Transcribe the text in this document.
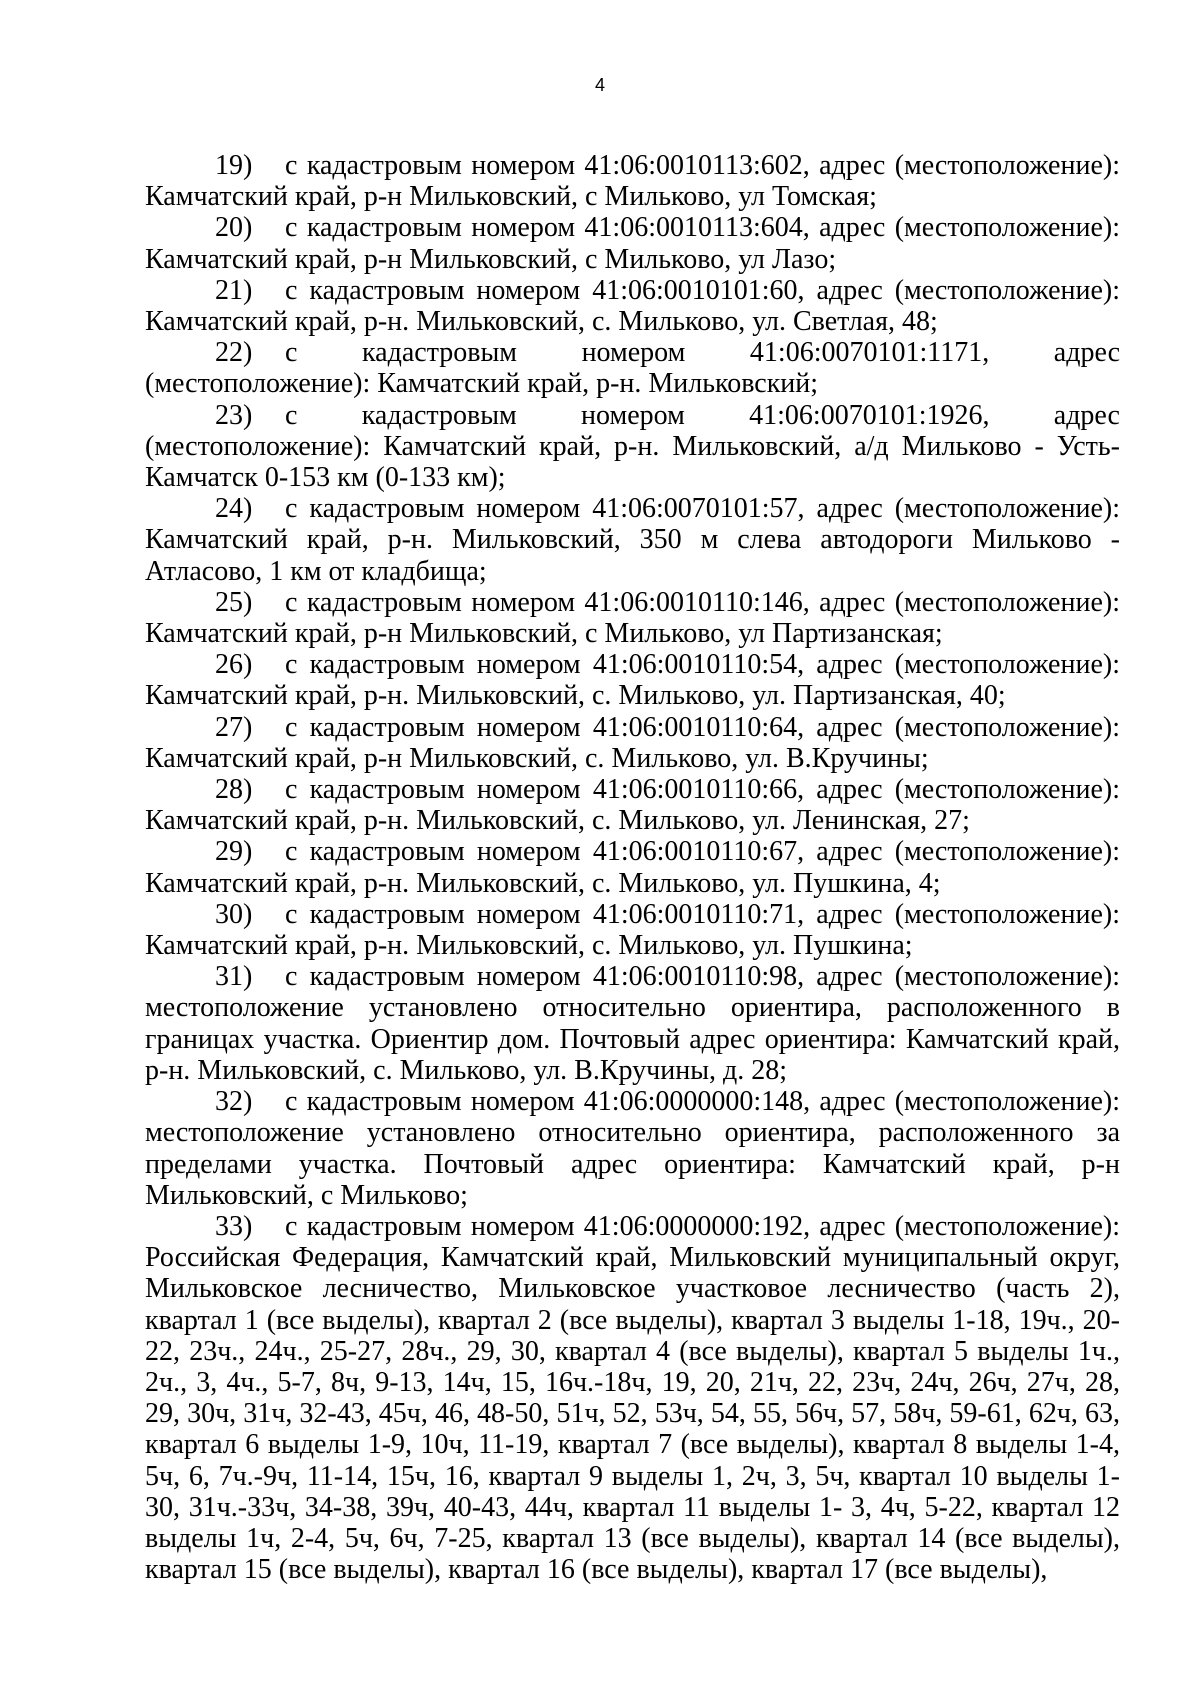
4

19) с кадастровым номером 41:06:0010113:602, адрес (местоположение): Камчатский край, р-н Мильковский, с Мильково, ул Томская;

20) с кадастровым номером 41:06:0010113:604, адрес (местоположение): Камчатский край, р-н Мильковский, с Мильково, ул Лазо;

21) с кадастровым номером 41:06:0010101:60, адрес (местоположение): Камчатский край, р-н. Мильковский, с. Мильково, ул. Светлая, 48;

22) с кадастровым номером 41:06:0070101:1171, адрес (местоположение): Камчатский край, р-н. Мильковский;

23) с кадастровым номером 41:06:0070101:1926, адрес (местоположение): Камчатский край, р-н. Мильковский, а/д Мильково - Усть-Камчатск 0-153 км (0-133 км);

24) с кадастровым номером 41:06:0070101:57, адрес (местоположение): Камчатский край, р-н. Мильковский, 350 м слева автодороги Мильково - Атласово, 1 км от кладбища;

25) с кадастровым номером 41:06:0010110:146, адрес (местоположение): Камчатский край, р-н Мильковский, с Мильково, ул Партизанская;

26) с кадастровым номером 41:06:0010110:54, адрес (местоположение): Камчатский край, р-н. Мильковский, с. Мильково, ул. Партизанская, 40;

27) с кадастровым номером 41:06:0010110:64, адрес (местоположение): Камчатский край, р-н Мильковский, с. Мильково, ул. В.Кручины;

28) с кадастровым номером 41:06:0010110:66, адрес (местоположение): Камчатский край, р-н. Мильковский, с. Мильково, ул. Ленинская, 27;

29) с кадастровым номером 41:06:0010110:67, адрес (местоположение): Камчатский край, р-н. Мильковский, с. Мильково, ул. Пушкина, 4;

30) с кадастровым номером 41:06:0010110:71, адрес (местоположение): Камчатский край, р-н. Мильковский, с. Мильково, ул. Пушкина;

31) с кадастровым номером 41:06:0010110:98, адрес (местоположение): местоположение установлено относительно ориентира, расположенного в границах участка. Ориентир дом. Почтовый адрес ориентира: Камчатский край, р-н. Мильковский, с. Мильково, ул. В.Кручины, д. 28;

32) с кадастровым номером 41:06:0000000:148, адрес (местоположение): местоположение установлено относительно ориентира, расположенного за пределами участка. Почтовый адрес ориентира: Камчатский край, р-н Мильковский, с Мильково;

33) с кадастровым номером 41:06:0000000:192, адрес (местоположение): Российская Федерация, Камчатский край, Мильковский муниципальный округ, Мильковское лесничество, Мильковское участковое лесничество (часть 2), квартал 1 (все выделы), квартал 2 (все выделы), квартал 3 выделы 1-18, 19ч., 20-22, 23ч., 24ч., 25-27, 28ч., 29, 30, квартал 4 (все выделы), квартал 5 выделы 1ч., 2ч., 3, 4ч., 5-7, 8ч, 9-13, 14ч, 15, 16ч.-18ч, 19, 20, 21ч, 22, 23ч, 24ч, 26ч, 27ч, 28, 29, 30ч, 31ч, 32-43, 45ч, 46, 48-50, 51ч, 52, 53ч, 54, 55, 56ч, 57, 58ч, 59-61, 62ч, 63, квартал 6 выделы 1-9, 10ч, 11-19, квартал 7 (все выделы), квартал 8 выделы 1-4, 5ч, 6, 7ч.-9ч, 11-14, 15ч, 16, квартал 9 выделы 1, 2ч, 3, 5ч, квартал 10 выделы 1-30, 31ч.-33ч, 34-38, 39ч, 40-43, 44ч, квартал 11 выделы 1- 3, 4ч, 5-22, квартал 12 выделы 1ч, 2-4, 5ч, 6ч, 7-25, квартал 13 (все выделы), квартал 14 (все выделы), квартал 15 (все выделы), квартал 16 (все выделы), квартал 17 (все выделы),
